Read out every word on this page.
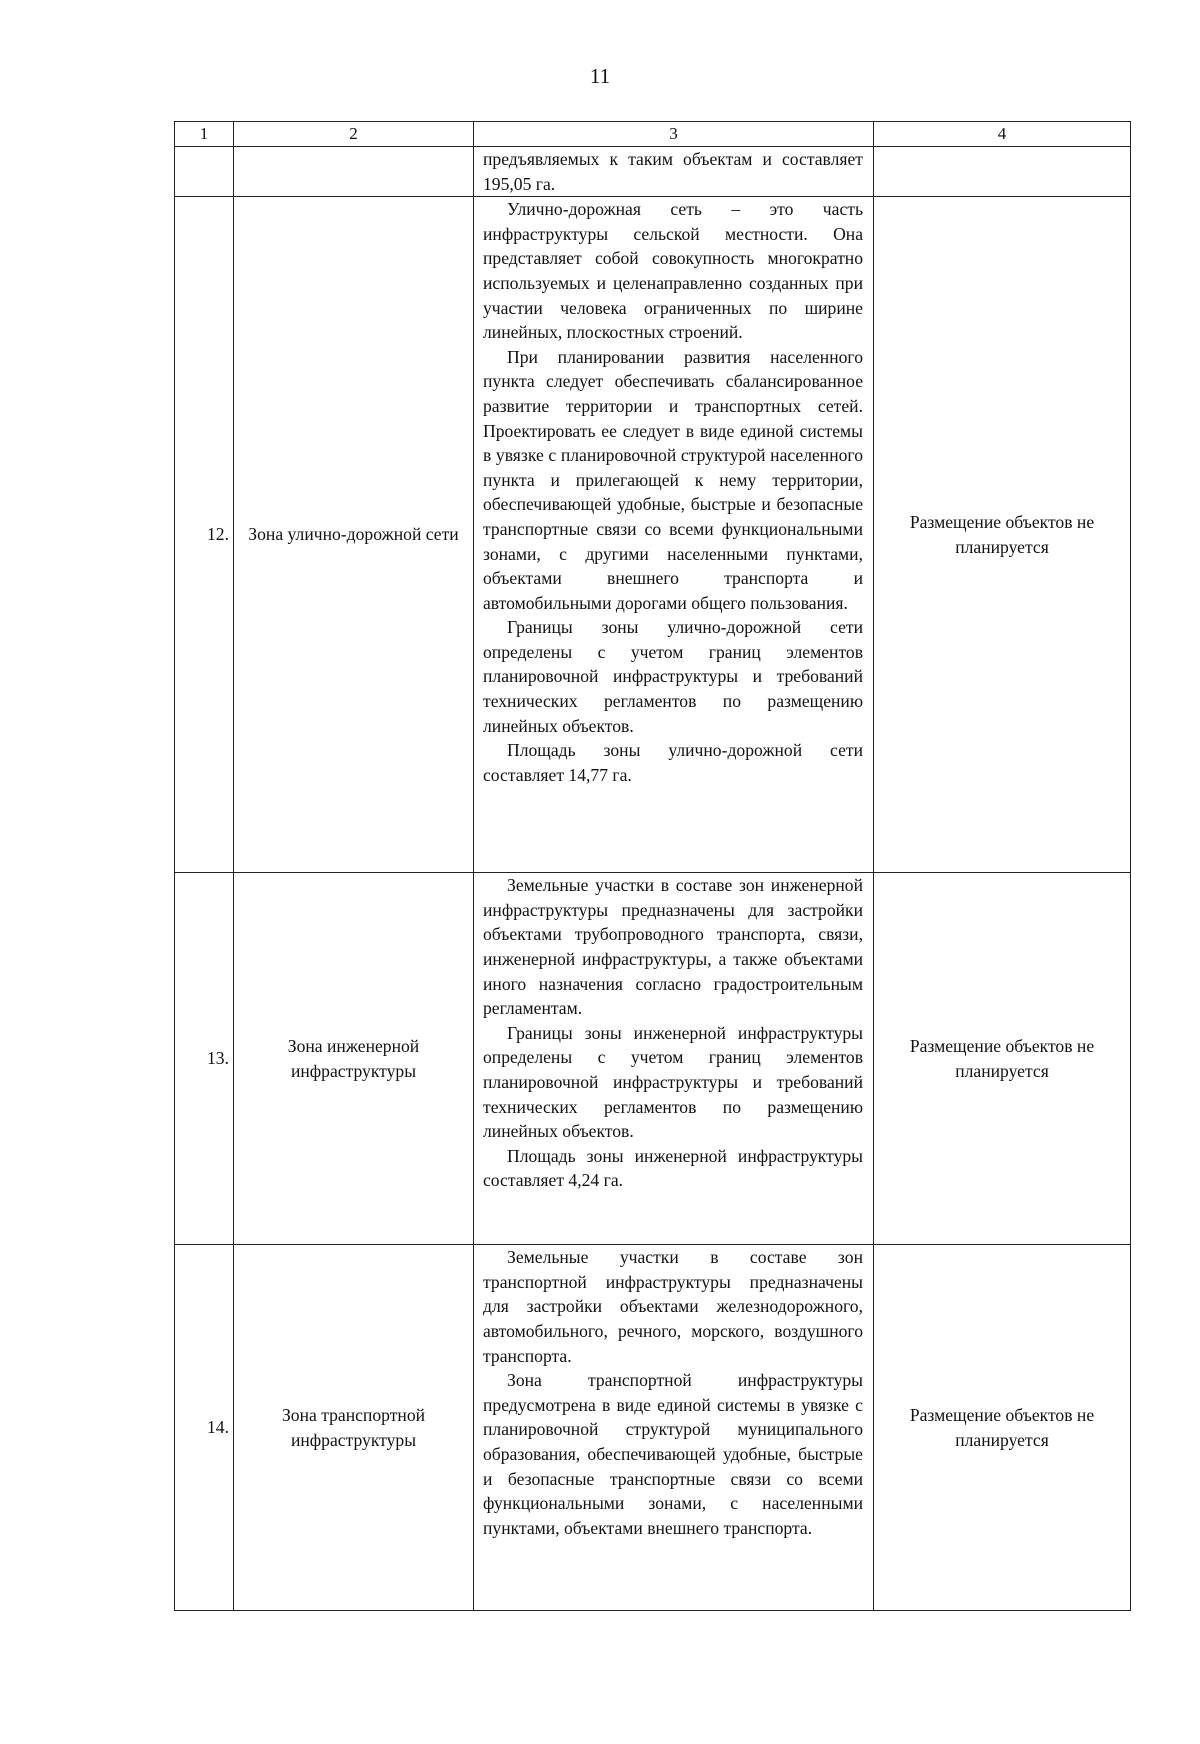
11
1	2	3	4

		предъявляемых к таким объектам и составляет 195,05 га.	

12.	Зона улично-дорожной сети	Улично-дорожная сеть – это часть инфраструктуры сельской местности. Она представляет собой совокупность многократно используемых и целенаправленно созданных при участии человека ограниченных по ширине линейных, плоскостных строений.
При планировании развития населенного пункта следует обеспечивать сбалансированное развитие территории и транспортных сетей. Проектировать ее следует в виде единой системы в увязке с планировочной структурой населенного пункта и прилегающей к нему территории, обеспечивающей удобные, быстрые и безопасные транспортные связи со всеми функциональными зонами, с другими населенными пунктами, объектами внешнего транспорта и автомобильными дорогами общего пользования.
Границы зоны улично-дорожной сети определены с учетом границ элементов планировочной инфраструктуры и требований технических регламентов по размещению линейных объектов.
Площадь зоны улично-дорожной сети составляет 14,77 га.	Размещение объектов не планируется
13.	Зона инженерной инфраструктуры	Земельные участки в составе зон инженерной инфраструктуры предназначены для застройки объектами трубопроводного транспорта, связи, инженерной инфраструктуры, а также объектами иного назначения согласно градостроительным регламентам.
Границы зоны инженерной инфраструктуры определены с учетом границ элементов планировочной инфраструктуры и требований технических регламентов по размещению линейных объектов.
Площадь зоны инженерной инфраструктуры составляет 4,24 га.	Размещение объектов не планируется
14.	Зона транспортной инфраструктуры	Земельные участки в составе зон транспортной инфраструктуры предназначены для застройки объектами железнодорожного, автомобильного, речного, морского, воздушного транспорта.
Зона транспортной инфраструктуры предусмотрена в виде единой системы в увязке с планировочной структурой муниципального образования, обеспечивающей удобные, быстрые и безопасные транспортные связи со всеми функциональными зонами, с населенными пунктами, объектами внешнего транспорта.	Размещение объектов не планируется
